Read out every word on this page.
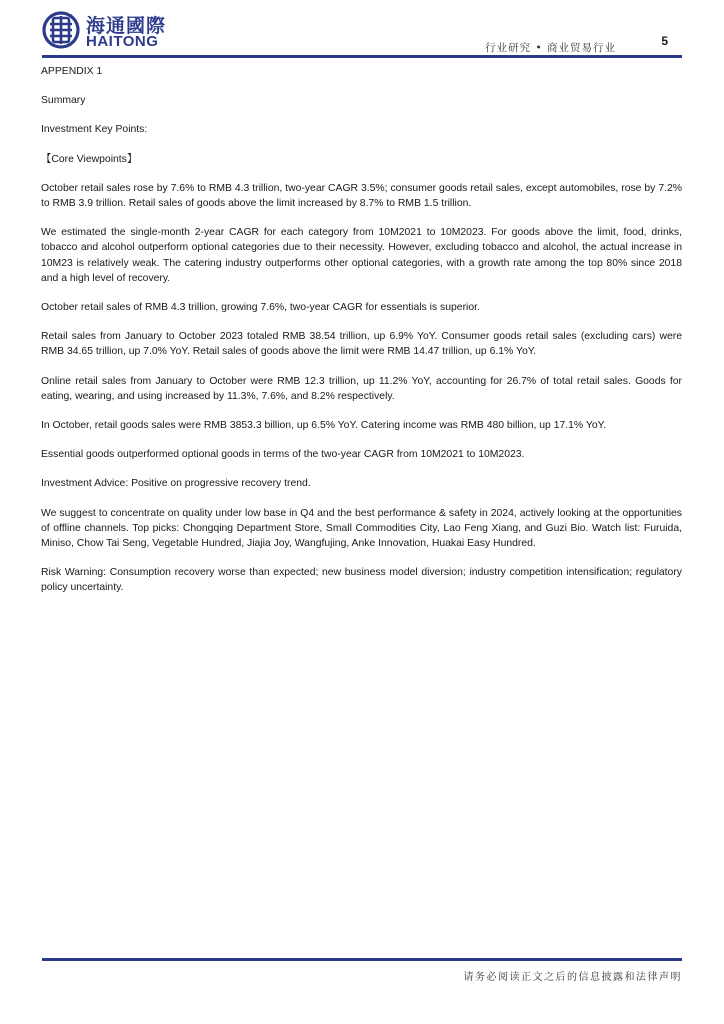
海通國際
HAITONG	行业研究 • 商业贸易行业	5

APPENDIX 1

Summary

Investment Key Points:

【Core Viewpoints】

October retail sales rose by 7.6% to RMB 4.3 trillion, two-year CAGR 3.5%; consumer goods retail sales, except automobiles, rose by 7.2% to RMB 3.9 trillion. Retail sales of goods above the limit increased by 8.7% to RMB 1.5 trillion.

We estimated the single-month 2-year CAGR for each category from 10M2021 to 10M2023. For goods above the limit, food, drinks, tobacco and alcohol outperform optional categories due to their necessity. However, excluding tobacco and alcohol, the actual increase in 10M23 is relatively weak. The catering industry outperforms other optional categories, with a growth rate among the top 80% since 2018 and a high level of recovery.

October retail sales of RMB 4.3 trillion, growing 7.6%, two-year CAGR for essentials is superior.

Retail sales from January to October 2023 totaled RMB 38.54 trillion, up 6.9% YoY. Consumer goods retail sales (excluding cars) were RMB 34.65 trillion, up 7.0% YoY. Retail sales of goods above the limit were RMB 14.47 trillion, up 6.1% YoY.

Online retail sales from January to October were RMB 12.3 trillion, up 11.2% YoY, accounting for 26.7% of total retail sales. Goods for eating, wearing, and using increased by 11.3%, 7.6%, and 8.2% respectively.

In October, retail goods sales were RMB 3853.3 billion, up 6.5% YoY. Catering income was RMB 480 billion, up 17.1% YoY.

Essential goods outperformed optional goods in terms of the two-year CAGR from 10M2021 to 10M2023.

Investment Advice: Positive on progressive recovery trend.

We suggest to concentrate on quality under low base in Q4 and the best performance & safety in 2024, actively looking at the opportunities of offline channels. Top picks: Chongqing Department Store, Small Commodities City, Lao Feng Xiang, and Guzi Bio. Watch list: Furuida, Miniso, Chow Tai Seng, Vegetable Hundred, Jiajia Joy, Wangfujing, Anke Innovation, Huakai Easy Hundred.

Risk Warning: Consumption recovery worse than expected; new business model diversion; industry competition intensification; regulatory policy uncertainty.

请务必阅读正文之后的信息披露和法律声明
